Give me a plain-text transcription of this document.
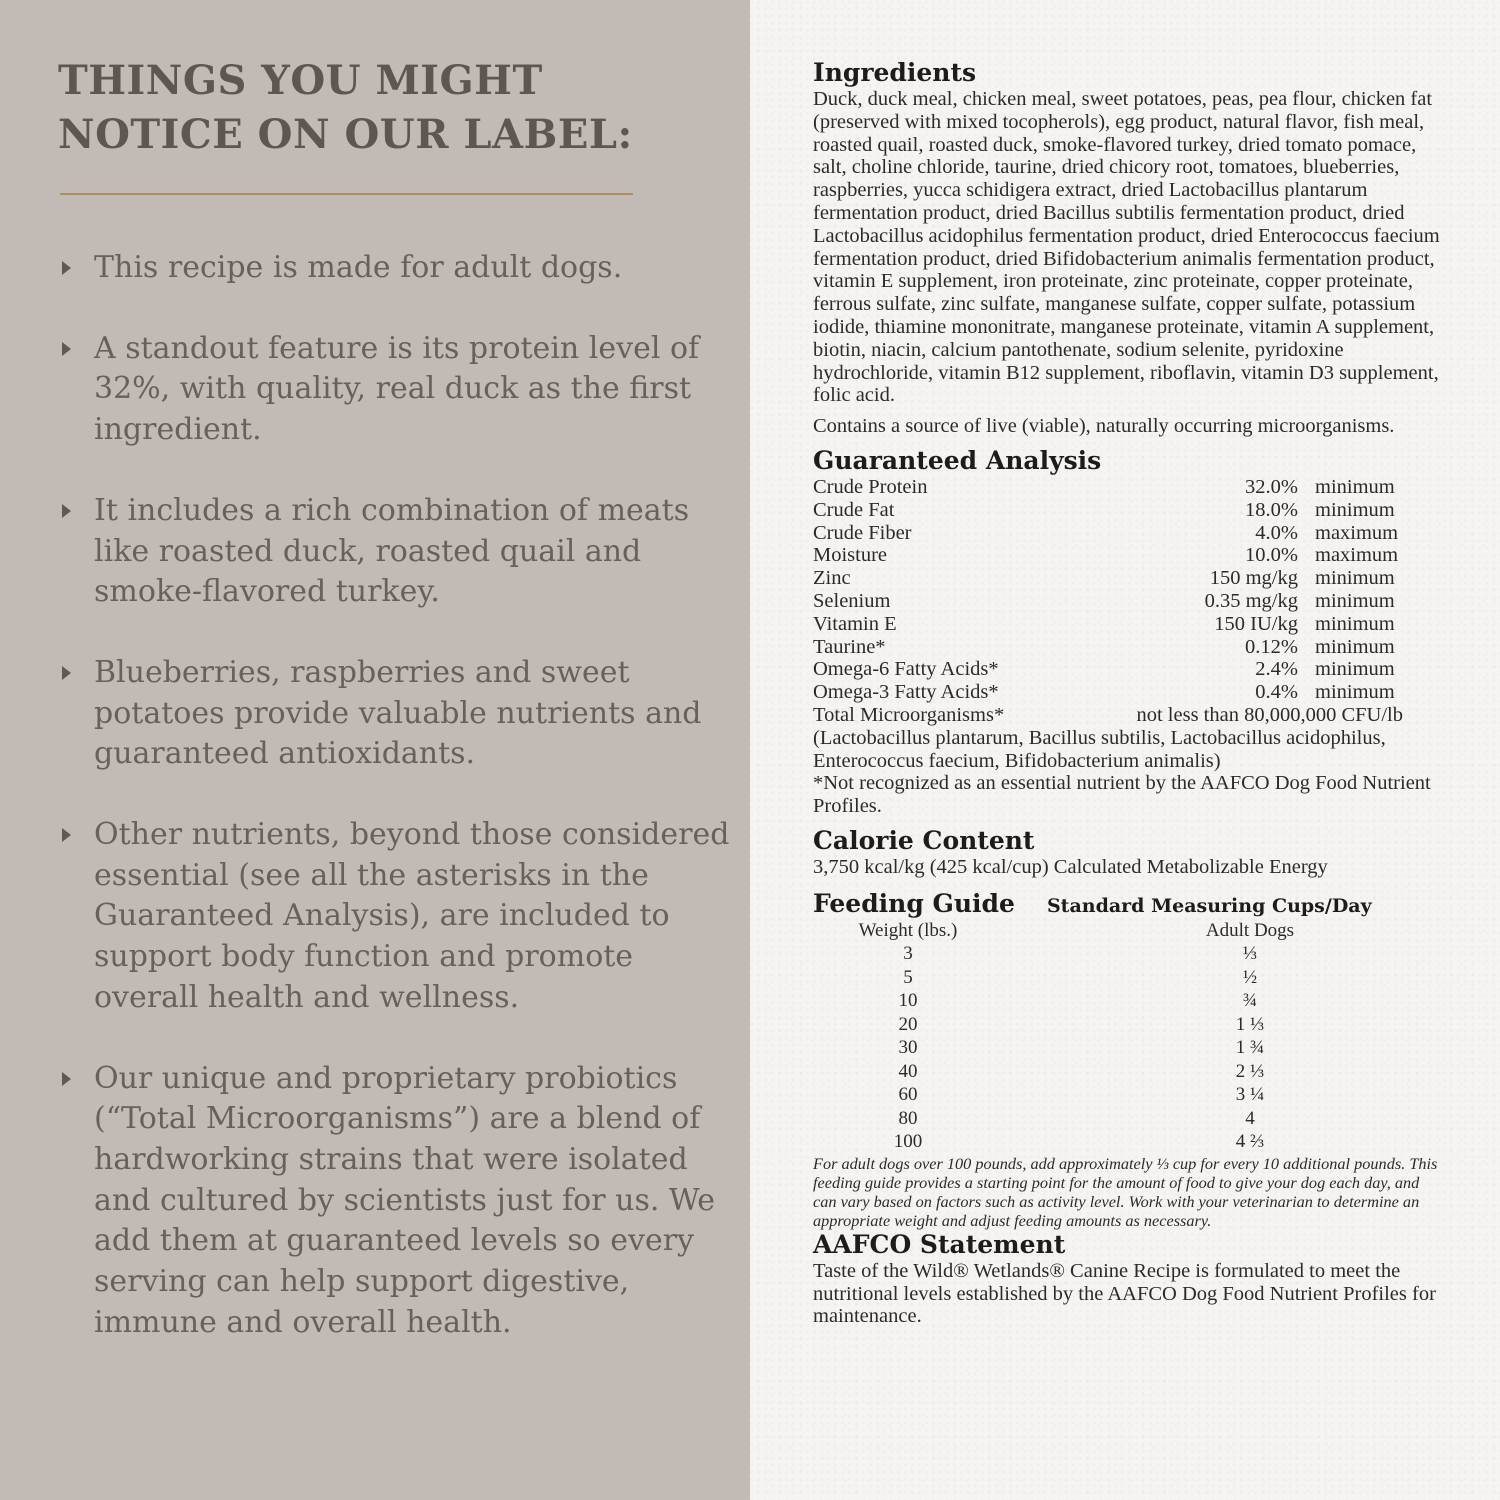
THINGS YOU MIGHT
NOTICE ON OUR LABEL:
This recipe is made for adult dogs.
A standout feature is its protein level of 32%, with quality, real duck as the first ingredient.
It includes a rich combination of meats like roasted duck, roasted quail and smoke-flavored turkey.
Blueberries, raspberries and sweet potatoes provide valuable nutrients and guaranteed antioxidants.
Other nutrients, beyond those considered essential (see all the asterisks in the Guaranteed Analysis), are included to support body function and promote overall health and wellness.
Our unique and proprietary probiotics (“Total Microorganisms”) are a blend of hardworking strains that were isolated and cultured by scientists just for us. We add them at guaranteed levels so every serving can help support digestive, immune and overall health.
Ingredients

Duck, duck meal, chicken meal, sweet potatoes, peas, pea flour, chicken fat (preserved with mixed tocopherols), egg product, natural flavor, fish meal, roasted quail, roasted duck, smoke-flavored turkey, dried tomato pomace, salt, choline chloride, taurine, dried chicory root, tomatoes, blueberries, raspberries, yucca schidigera extract, dried Lactobacillus plantarum fermentation product, dried Bacillus subtilis fermentation product, dried Lactobacillus acidophilus fermentation product, dried Enterococcus faecium fermentation product, dried Bifidobacterium animalis fermentation product, vitamin E supplement, iron proteinate, zinc proteinate, copper proteinate, ferrous sulfate, zinc sulfate, manganese sulfate, copper sulfate, potassium iodide, thiamine mononitrate, manganese proteinate, vitamin A supplement, biotin, niacin, calcium pantothenate, sodium selenite, pyridoxine hydrochloride, vitamin B12 supplement, riboflavin, vitamin D3 supplement, folic acid.

Contains a source of live (viable), naturally occurring microorganisms.

Guaranteed Analysis
Crude Protein	32.0%	minimum
Crude Fat	18.0%	minimum
Crude Fiber	4.0%	maximum
Moisture	10.0%	maximum
Zinc	150 mg/kg	minimum
Selenium	0.35 mg/kg	minimum
Vitamin E	150 IU/kg	minimum
Taurine*	0.12%	minimum
Omega-6 Fatty Acids*	2.4%	minimum
Omega-3 Fatty Acids*	0.4%	minimum
Total Microorganisms*	not less than 80,000,000 CFU/lb	

(Lactobacillus plantarum, Bacillus subtilis, Lactobacillus acidophilus, Enterococcus faecium, Bifidobacterium animalis)

*Not recognized as an essential nutrient by the AAFCO Dog Food Nutrient Profiles.

Calorie Content

3,750 kcal/kg (425 kcal/cup) Calculated Metabolizable Energy

Feeding Guide Standard Measuring Cups/Day
Weight (lbs.)	Adult Dogs
3	⅓
5	½
10	¾
20	1 ⅓
30	1 ¾
40	2 ⅓
60	3 ¼
80	4
100	4 ⅔

For adult dogs over 100 pounds, add approximately ⅓ cup for every 10 additional pounds. This feeding guide provides a starting point for the amount of food to give your dog each day, and can vary based on factors such as activity level. Work with your veterinarian to determine an appropriate weight and adjust feeding amounts as necessary.

AAFCO Statement

Taste of the Wild® Wetlands® Canine Recipe is formulated to meet the nutritional levels established by the AAFCO Dog Food Nutrient Profiles for maintenance.
